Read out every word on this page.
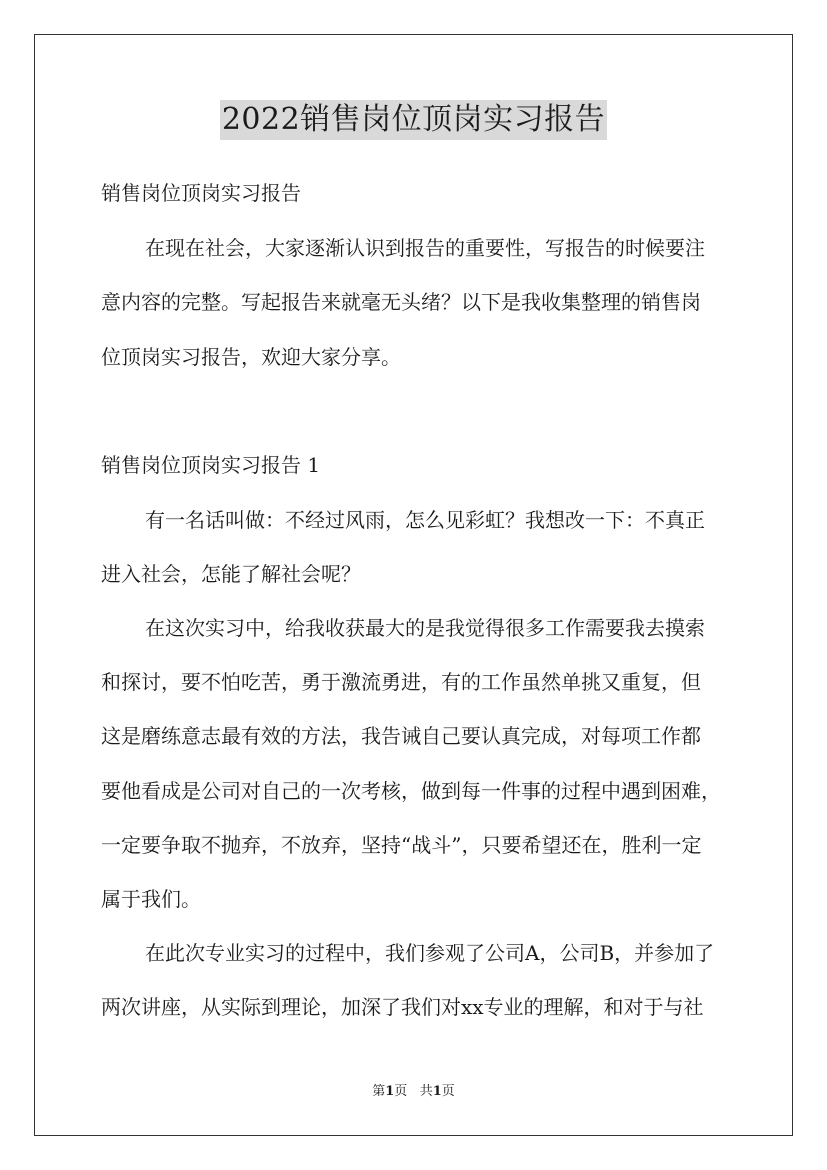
2022销售岗位顶岗实习报告
销售岗位顶岗实习报告
在现在社会，大家逐渐认识到报告的重要性，写报告的时候要注
意内容的完整。写起报告来就毫无头绪？以下是我收集整理的销售岗
位顶岗实习报告，欢迎大家分享。
销售岗位顶岗实习报告 1
有一名话叫做：不经过风雨，怎么见彩虹？我想改一下：不真正
进入社会，怎能了解社会呢？
在这次实习中，给我收获最大的是我觉得很多工作需要我去摸索
和探讨，要不怕吃苦，勇于激流勇进，有的工作虽然单挑又重复，但
这是磨练意志最有效的方法，我告诫自己要认真完成，对每项工作都
要他看成是公司对自己的一次考核，做到每一件事的过程中遇到困难，
一定要争取不抛弃，不放弃，坚持“战斗”，只要希望还在，胜利一定
属于我们。
在此次专业实习的过程中，我们参观了公司A，公司B，并参加了
两次讲座，从实际到理论，加深了我们对xx专业的理解，和对于与社
第1页 共1页
